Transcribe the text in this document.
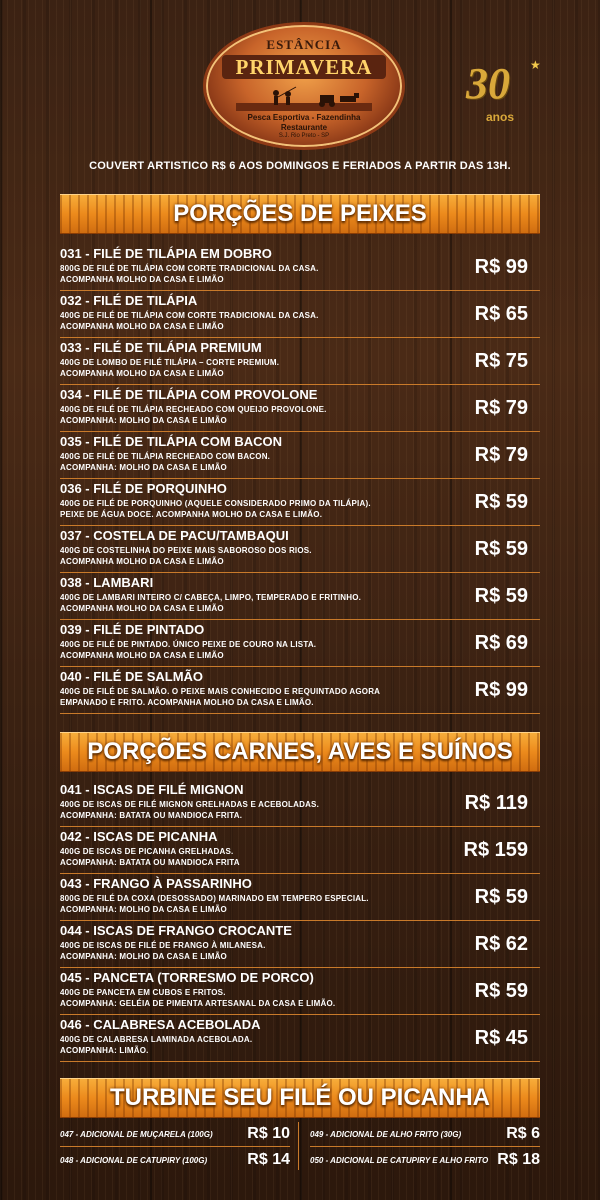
ESTÂNCIA
PRIMAVERA
Pesca Esportiva - Fazendinha
Restaurante
S.J. Rio Preto - SP
30 ★
anos
COUVERT ARTISTICO R$ 6 AOS DOMINGOS E FERIADOS A PARTIR DAS 13H.
PORÇÕES DE PEIXES
031 - FILÉ DE TILÁPIA EM DOBRO
800G DE FILÉ DE TILÁPIA COM CORTE TRADICIONAL DA CASA.
ACOMPANHA MOLHO DA CASA E LIMÃO
R$ 99
032 - FILÉ DE TILÁPIA
400G DE FILÉ DE TILÁPIA COM CORTE TRADICIONAL DA CASA.
ACOMPANHA MOLHO DA CASA E LIMÃO
R$ 65
033 - FILÉ DE TILÁPIA PREMIUM
400G DE LOMBO DE FILÉ TILÁPIA – CORTE PREMIUM.
ACOMPANHA MOLHO DA CASA E LIMÃO
R$ 75
034 - FILÉ DE TILÁPIA COM PROVOLONE
400G DE FILÉ DE TILÁPIA RECHEADO COM QUEIJO PROVOLONE.
ACOMPANHA: MOLHO DA CASA E LIMÃO
R$ 79
035 - FILÉ DE TILÁPIA COM BACON
400G DE FILÉ DE TILÁPIA RECHEADO COM BACON.
ACOMPANHA: MOLHO DA CASA E LIMÃO
R$ 79
036 - FILÉ DE PORQUINHO
400G DE FILÉ DE PORQUINHO (AQUELE CONSIDERADO PRIMO DA TILÁPIA).
PEIXE DE ÁGUA DOCE. ACOMPANHA MOLHO DA CASA E LIMÃO.
R$ 59
037 - COSTELA DE PACU/TAMBAQUI
400G DE COSTELINHA DO PEIXE MAIS SABOROSO DOS RIOS.
ACOMPANHA MOLHO DA CASA E LIMÃO
R$ 59
038 - LAMBARI
400G DE LAMBARI INTEIRO C/ CABEÇA, LIMPO, TEMPERADO E FRITINHO.
ACOMPANHA MOLHO DA CASA E LIMÃO
R$ 59
039 - FILÉ DE PINTADO
400G DE FILÉ DE PINTADO. ÚNICO PEIXE DE COURO NA LISTA.
ACOMPANHA MOLHO DA CASA E LIMÃO
R$ 69
040 - FILÉ DE SALMÃO
400G DE FILÉ DE SALMÃO. O PEIXE MAIS CONHECIDO E REQUINTADO AGORA
EMPANADO E FRITO. ACOMPANHA MOLHO DA CASA E LIMÃO.
R$ 99
PORÇÕES CARNES, AVES E SUÍNOS
041 - ISCAS DE FILÉ MIGNON
400G DE ISCAS DE FILÉ MIGNON GRELHADAS E ACEBOLADAS.
ACOMPANHA: BATATA OU MANDIOCA FRITA.
R$ 119
042 - ISCAS DE PICANHA
400G DE ISCAS DE PICANHA GRELHADAS.
ACOMPANHA: BATATA OU MANDIOCA FRITA
R$ 159
043 - FRANGO À PASSARINHO
800G DE FILÉ DA COXA (DESOSSADO) MARINADO EM TEMPERO ESPECIAL.
ACOMPANHA: MOLHO DA CASA E LIMÃO
R$ 59
044 - ISCAS DE FRANGO CROCANTE
400G DE ISCAS DE FILÉ DE FRANGO À MILANESA.
ACOMPANHA: MOLHO DA CASA E LIMÃO
R$ 62
045 - PANCETA (TORRESMO DE PORCO)
400G DE PANCETA EM CUBOS E FRITOS.
ACOMPANHA: GELÉIA DE PIMENTA ARTESANAL DA CASA E LIMÃO.
R$ 59
046 - CALABRESA ACEBOLADA
400G DE CALABRESA LAMINADA ACEBOLADA.
ACOMPANHA: LIMÃO.
R$ 45
TURBINE SEU FILÉ OU PICANHA
047 - ADICIONAL DE MUÇARELA (100G) R$ 10	049 - ADICIONAL DE ALHO FRITO (30G)	R$ 6
048 - ADICIONAL DE CATUPIRY (100G)	R$ 14	050 - ADICIONAL DE CATUPIRY E ALHO FRITO R$ 18
